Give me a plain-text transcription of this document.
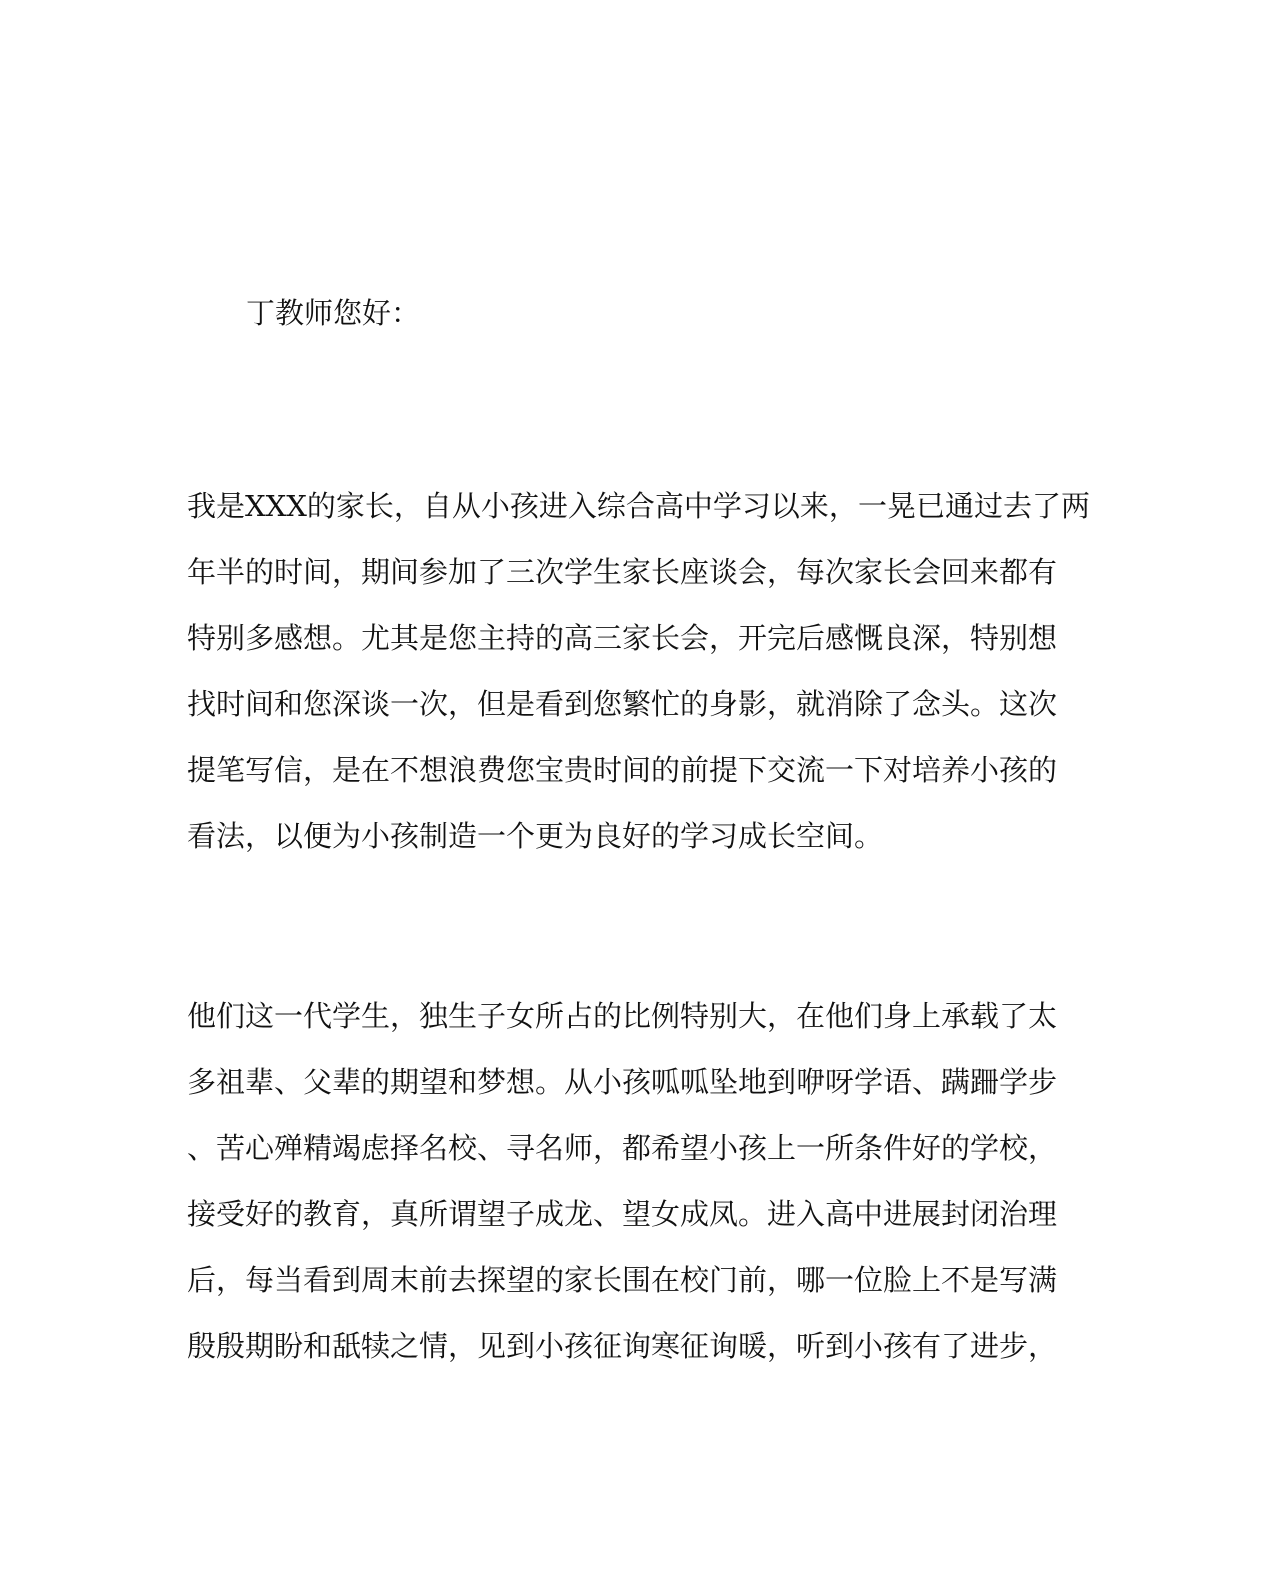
丁教师您好：
我是XXX的家长，自从小孩进入综合高中学习以来，一晃已通过去了两
年半的时间，期间参加了三次学生家长座谈会，每次家长会回来都有
特别多感想。尤其是您主持的高三家长会，开完后感慨良深，特别想
找时间和您深谈一次，但是看到您繁忙的身影，就消除了念头。这次
提笔写信，是在不想浪费您宝贵时间的前提下交流一下对培养小孩的
看法，以便为小孩制造一个更为良好的学习成长空间。
他们这一代学生，独生子女所占的比例特别大，在他们身上承载了太
多祖辈、父辈的期望和梦想。从小孩呱呱坠地到咿呀学语、蹒跚学步
、苦心殚精竭虑择名校、寻名师，都希望小孩上一所条件好的学校，
接受好的教育，真所谓望子成龙、望女成凤。进入高中进展封闭治理
后，每当看到周末前去探望的家长围在校门前，哪一位脸上不是写满
殷殷期盼和舐犊之情，见到小孩征询寒征询暖，听到小孩有了进步，
